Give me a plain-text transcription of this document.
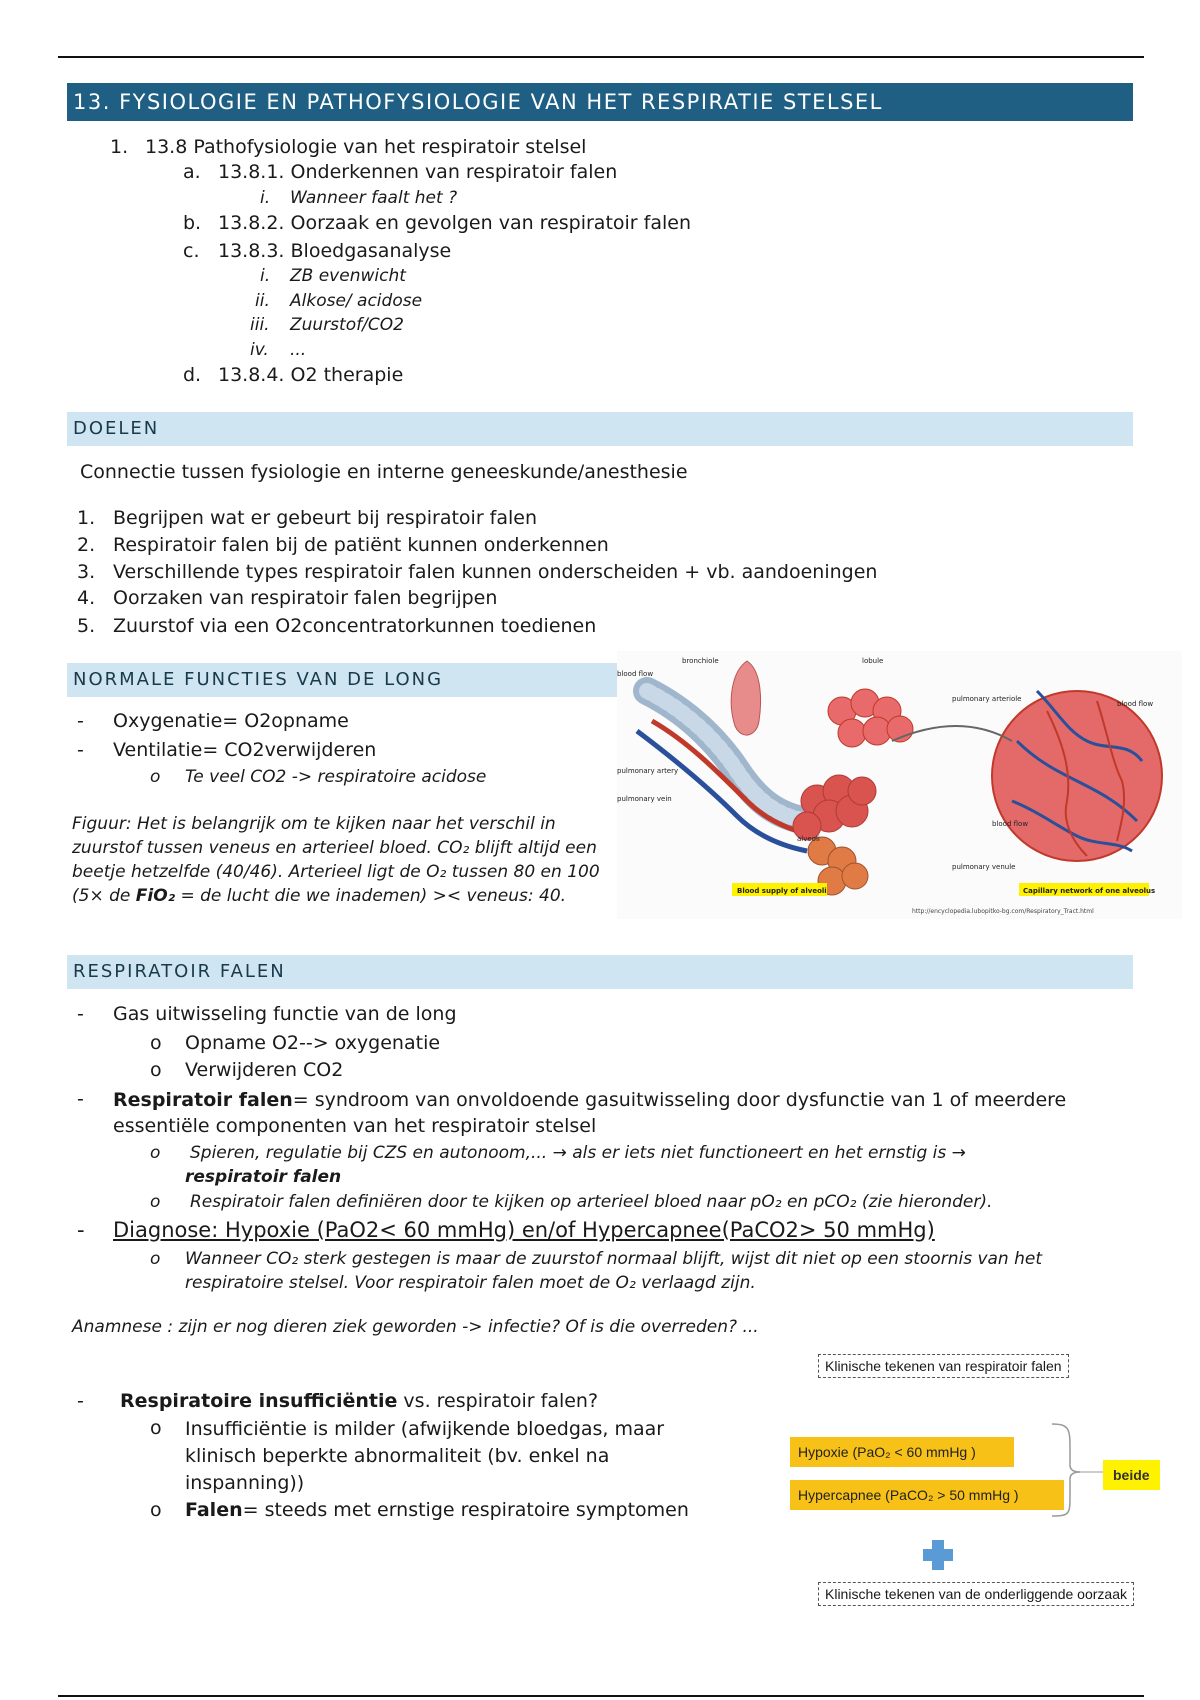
13. FYSIOLOGIE EN PATHOFYSIOLOGIE VAN HET RESPIRATIE STELSEL
1. 13.8 Pathofysiologie van het respiratoir stelsel
a. 13.8.1. Onderkennen van respiratoir falen
i. Wanneer faalt het ?
b. 13.8.2. Oorzaak en gevolgen van respiratoir falen
c. 13.8.3. Bloedgasanalyse
i. ZB evenwicht
ii. Alkose/ acidose
iii. Zuurstof/CO2
iv. ...
d. 13.8.4. O2 therapie
DOELEN
Connectie tussen fysiologie en interne geneeskunde/anesthesie
1. Begrijpen wat er gebeurt bij respiratoir falen
2. Respiratoir falen bij de patiënt kunnen onderkennen
3. Verschillende types respiratoir falen kunnen onderscheiden + vb. aandoeningen
4. Oorzaken van respiratoir falen begrijpen
5. Zuurstof via een O2concentratorkunnen toedienen
NORMALE FUNCTIES VAN DE LONG
- Oxygenatie= O2opname
- Ventilatie= CO2verwijderen
o Te veel CO2 -> respiratoire acidose
Figuur: Het is belangrijk om te kijken naar het verschil in zuurstof tussen veneus en arterieel bloed. CO₂ blijft altijd een beetje hetzelfde (40/46). Arterieel ligt de O₂ tussen 80 en 100 (5× de FiO₂ = de lucht die we inademen) >< veneus: 40.
blood flow
bronchiole
pulmonary artery
pulmonary vein
alveoli
lobule
pulmonary arteriole
blood flow
blood flow
pulmonary venule
Blood supply of alveoli	Capillary network of one alveolus
http://encyclopedia.lubopitko-bg.com/Respiratory_Tract.html
RESPIRATOIR FALEN
- Gas uitwisseling functie van de long
o Opname O2--> oxygenatie
o Verwijderen CO2
- Respiratoir falen= syndroom van onvoldoende gasuitwisseling door dysfunctie van 1 of meerdere essentiële componenten van het respiratoir stelsel
o Spieren, regulatie bij CZS en autonoom,... → als er iets niet functioneert en het ernstig is →
respiratoir falen
o Respiratoir falen definiëren door te kijken op arterieel bloed naar pO₂ en pCO₂ (zie hieronder).
- Diagnose: Hypoxie (PaO2< 60 mmHg) en/of Hypercapnee(PaCO2> 50 mmHg)
o Wanneer CO₂ sterk gestegen is maar de zuurstof normaal blijft, wijst dit niet op een stoornis van het respiratoire stelsel. Voor respiratoir falen moet de O₂ verlaagd zijn.
Anamnese : zijn er nog dieren ziek geworden -> infectie? Of is die overreden? ...
- Respiratoire insufficiëntie vs. respiratoir falen?
o Insufficiëntie is milder (afwijkende bloedgas, maar klinisch beperkte abnormaliteit (bv. enkel na inspanning))
o Falen= steeds met ernstige respiratoire symptomen
Klinische tekenen van respiratoir falen
Hypoxie (PaO₂ < 60 mmHg )
Hypercapnee (PaCO₂ > 50 mmHg )
beide
Klinische tekenen van de onderliggende oorzaak
